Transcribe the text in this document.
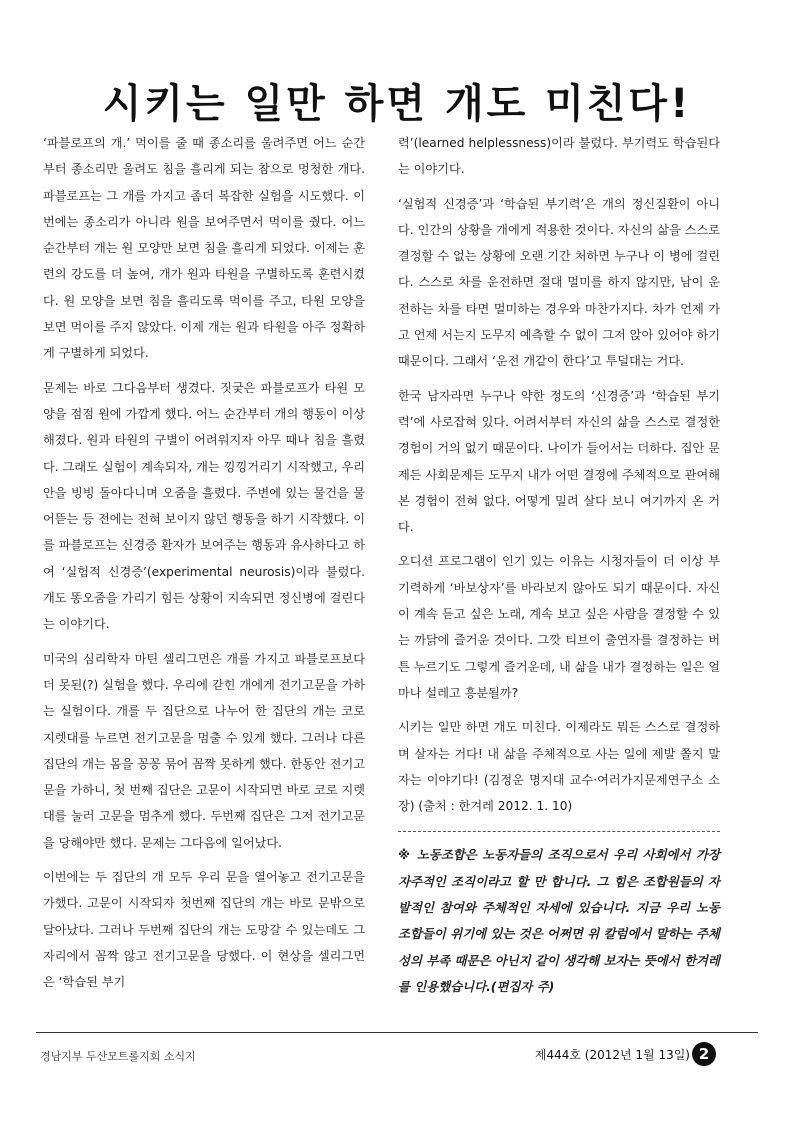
시키는 일만 하면 개도 미친다!

‘파블로프의 개.’ 먹이를 줄 때 종소리를 울려주면 어느 순간부터 종소리만 울려도 침을 흘리게 되는 참으로 멍청한 개다. 파블로프는 그 개를 가지고 좀더 복잡한 실험을 시도했다. 이번에는 종소리가 아니라 원을 보여주면서 먹이를 줬다. 어느 순간부터 개는 원 모양만 보면 침을 흘리게 되었다. 이제는 훈련의 강도를 더 높여, 개가 원과 타원을 구별하도록 훈련시켰다. 원 모양을 보면 침을 흘리도록 먹이를 주고, 타원 모양을 보면 먹이를 주지 않았다. 이제 개는 원과 타원을 아주 정확하게 구별하게 되었다.

문제는 바로 그다음부터 생겼다. 짓궂은 파블로프가 타원 모양을 점점 원에 가깝게 했다. 어느 순간부터 개의 행동이 이상해졌다. 원과 타원의 구별이 어려워지자 아무 때나 침을 흘렸다. 그래도 실험이 계속되자, 개는 낑낑거리기 시작했고, 우리 안을 빙빙 돌아다니며 오줌을 흘렸다. 주변에 있는 물건을 물어뜯는 등 전에는 전혀 보이지 않던 행동을 하기 시작했다. 이를 파블로프는 신경증 환자가 보여주는 행동과 유사하다고 하여 ‘실험적 신경증’(experimental neurosis)이라 불렀다. 개도 똥오줌을 가리기 힘든 상황이 지속되면 정신병에 걸린다는 이야기다.

미국의 심리학자 마틴 셀리그먼은 개를 가지고 파블로프보다 더 못된(?) 실험을 했다. 우리에 갇힌 개에게 전기고문을 가하는 실험이다. 개를 두 집단으로 나누어 한 집단의 개는 코로 지렛대를 누르면 전기고문을 멈출 수 있게 했다. 그러나 다른 집단의 개는 몸을 꽁꽁 묶어 꼼짝 못하게 했다. 한동안 전기고문을 가하니, 첫 번째 집단은 고문이 시작되면 바로 코로 지렛대를 눌러 고문을 멈추게 했다. 두번째 집단은 그저 전기고문을 당해야만 했다. 문제는 그다음에 일어났다.

이번에는 두 집단의 개 모두 우리 문을 열어놓고 전기고문을 가했다. 고문이 시작되자 첫번째 집단의 개는 바로 문밖으로 달아났다. 그러나 두번째 집단의 개는 도망갈 수 있는데도 그 자리에서 꼼짝 않고 전기고문을 당했다. 이 현상을 셀리그먼은 ‘학습된 부기

력’(learned helplessness)이라 불렀다. 부기력도 학습된다는 이야기다.

‘실험적 신경증’과 ‘학습된 부기력’은 개의 정신질환이 아니다. 인간의 상황을 개에게 적용한 것이다. 자신의 삶을 스스로 결정할 수 없는 상황에 오랜 기간 처하면 누구나 이 병에 걸린다. 스스로 차를 운전하면 절대 멀미를 하지 않지만, 남이 운전하는 차를 타면 멀미하는 경우와 마찬가지다. 차가 언제 가고 언제 서는지 도무지 예측할 수 없이 그저 앉아 있어야 하기 때문이다. 그래서 ‘운전 개같이 한다’고 투덜대는 거다.

한국 남자라면 누구나 약한 정도의 ‘신경증’과 ‘학습된 부기력’에 사로잡혀 있다. 어려서부터 자신의 삶을 스스로 결정한 경험이 거의 없기 때문이다. 나이가 들어서는 더하다. 집안 문제든 사회문제든 도무지 내가 어떤 결정에 주체적으로 관여해본 경험이 전혀 없다. 어떻게 밀려 살다 보니 여기까지 온 거다.

오디션 프로그램이 인기 있는 이유는 시청자들이 더 이상 부기력하게 ‘바보상자’를 바라보지 않아도 되기 때문이다. 자신이 계속 듣고 싶은 노래, 계속 보고 싶은 사람을 결정할 수 있는 까닭에 즐거운 것이다. 그깟 티브이 출연자를 결정하는 버튼 누르기도 그렇게 즐거운데, 내 삶을 내가 결정하는 일은 얼마나 설레고 흥분될까?

시키는 일만 하면 개도 미친다. 이제라도 뭐든 스스로 결정하며 살자는 거다! 내 삶을 주체적으로 사는 일에 제발 쫄지 말자는 이야기다! (김정운 명지대 교수·여러가지문제연구소 소장) (출처 : 한겨레 2012. 1. 10)

※ 노동조합은 노동자들의 조직으로서 우리 사회에서 가장 자주적인 조직이라고 할 만 합니다. 그 힘은 조합원들의 자발적인 참여와 주체적인 자세에 있습니다. 지금 우리 노동조합들이 위기에 있는 것은 어쩌면 위 칼럼에서 말하는 주체성의 부족 때문은 아닌지 같이 생각해 보자는 뜻에서 한겨레를 인용했습니다.(편집자 주)
경남지부 두산모트롤지회 소식지	제444호 (2012년 1월 13일) 2
